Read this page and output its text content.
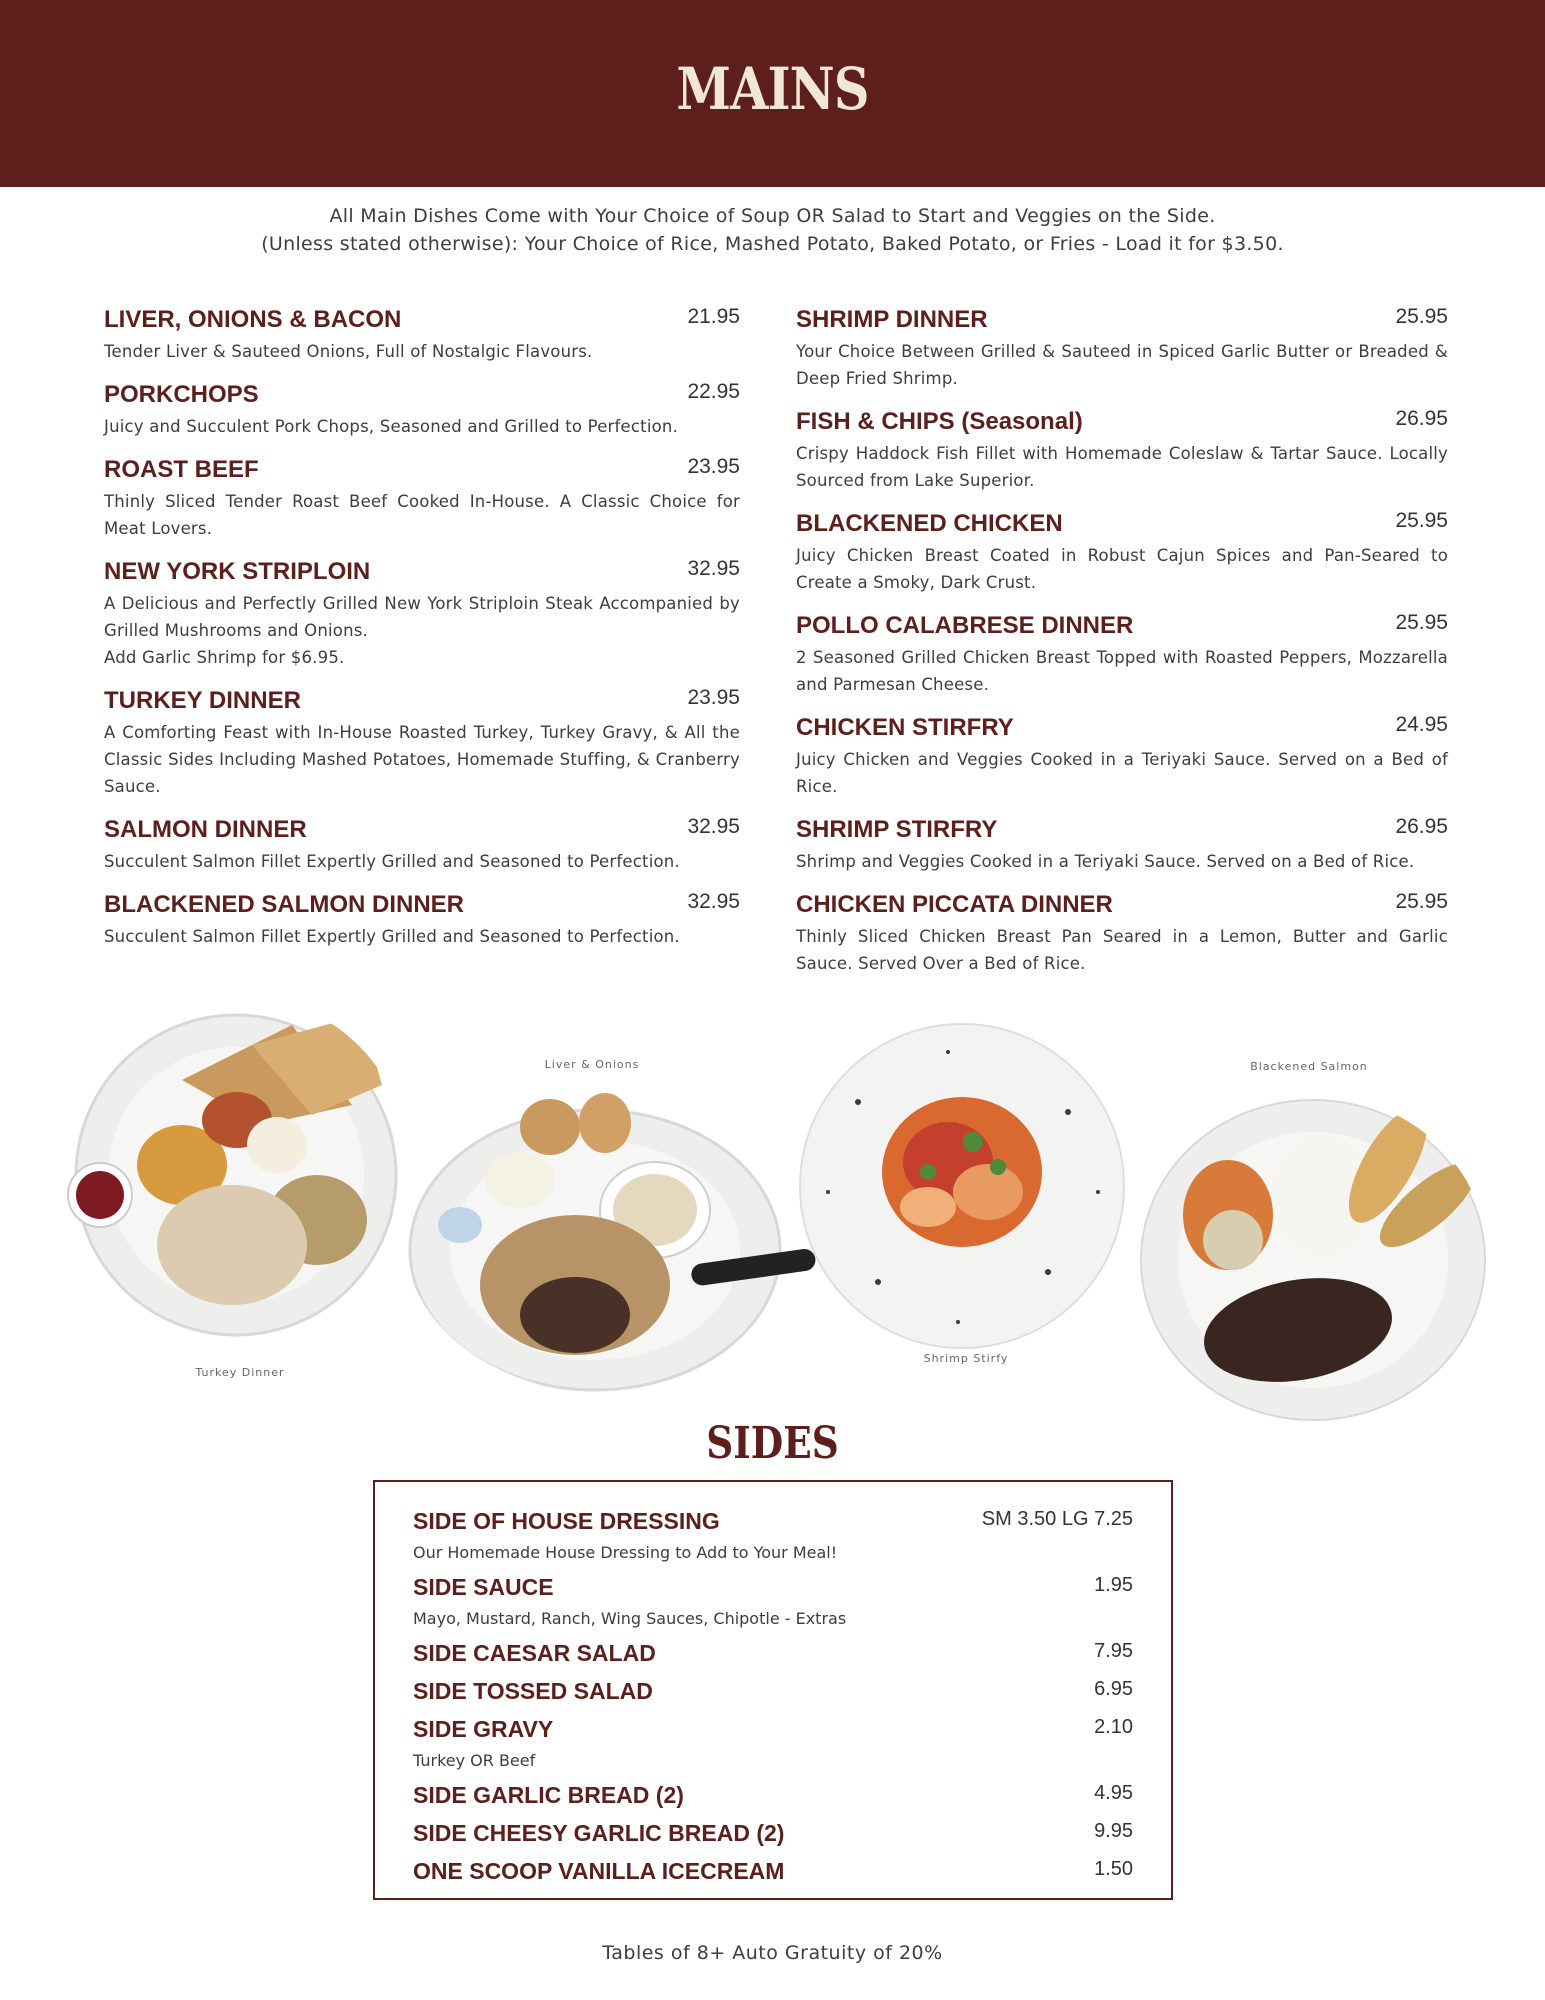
MAINS
All Main Dishes Come with Your Choice of Soup OR Salad to Start and Veggies on the Side.
(Unless stated otherwise): Your Choice of Rice, Mashed Potato, Baked Potato, or Fries - Load it for $3.50.
LIVER, ONIONS & BACON	21.95
Tender Liver & Sauteed Onions, Full of Nostalgic Flavours.
PORKCHOPS	22.95
Juicy and Succulent Pork Chops, Seasoned and Grilled to Perfection.
ROAST BEEF	23.95
Thinly Sliced Tender Roast Beef Cooked In-House. A Classic Choice for Meat Lovers.
NEW YORK STRIPLOIN	32.95
A Delicious and Perfectly Grilled New York Striploin Steak Accompanied by Grilled Mushrooms and Onions.
Add Garlic Shrimp for $6.95.
TURKEY DINNER	23.95
A Comforting Feast with In-House Roasted Turkey, Turkey Gravy, & All the Classic Sides Including Mashed Potatoes, Homemade Stuffing, & Cranberry Sauce.
SALMON DINNER	32.95
Succulent Salmon Fillet Expertly Grilled and Seasoned to Perfection.
BLACKENED SALMON DINNER	32.95
Succulent Salmon Fillet Expertly Grilled and Seasoned to Perfection.
SHRIMP DINNER	25.95
Your Choice Between Grilled & Sauteed in Spiced Garlic Butter or Breaded & Deep Fried Shrimp.
FISH & CHIPS (Seasonal)	26.95
Crispy Haddock Fish Fillet with Homemade Coleslaw & Tartar Sauce. Locally Sourced from Lake Superior.
BLACKENED CHICKEN	25.95
Juicy Chicken Breast Coated in Robust Cajun Spices and Pan-Seared to Create a Smoky, Dark Crust.
POLLO CALABRESE DINNER	25.95
2 Seasoned Grilled Chicken Breast Topped with Roasted Peppers, Mozzarella and Parmesan Cheese.
CHICKEN STIRFRY	24.95
Juicy Chicken and Veggies Cooked in a Teriyaki Sauce. Served on a Bed of Rice.
SHRIMP STIRFRY	26.95
Shrimp and Veggies Cooked in a Teriyaki Sauce. Served on a Bed of Rice.
CHICKEN PICCATA DINNER	25.95
Thinly Sliced Chicken Breast Pan Seared in a Lemon, Butter and Garlic Sauce. Served Over a Bed of Rice.
Turkey Dinner
Liver & Onions
Shrimp Stirfy
Blackened Salmon
SIDES
SIDE OF HOUSE DRESSING	SM 3.50 LG 7.25
Our Homemade House Dressing to Add to Your Meal!
SIDE SAUCE	1.95
Mayo, Mustard, Ranch, Wing Sauces, Chipotle - Extras
SIDE CAESAR SALAD	7.95
SIDE TOSSED SALAD	6.95
SIDE GRAVY	2.10
Turkey OR Beef
SIDE GARLIC BREAD (2)	4.95
SIDE CHEESY GARLIC BREAD (2)	9.95
ONE SCOOP VANILLA ICECREAM	1.50
Tables of 8+ Auto Gratuity of 20%
